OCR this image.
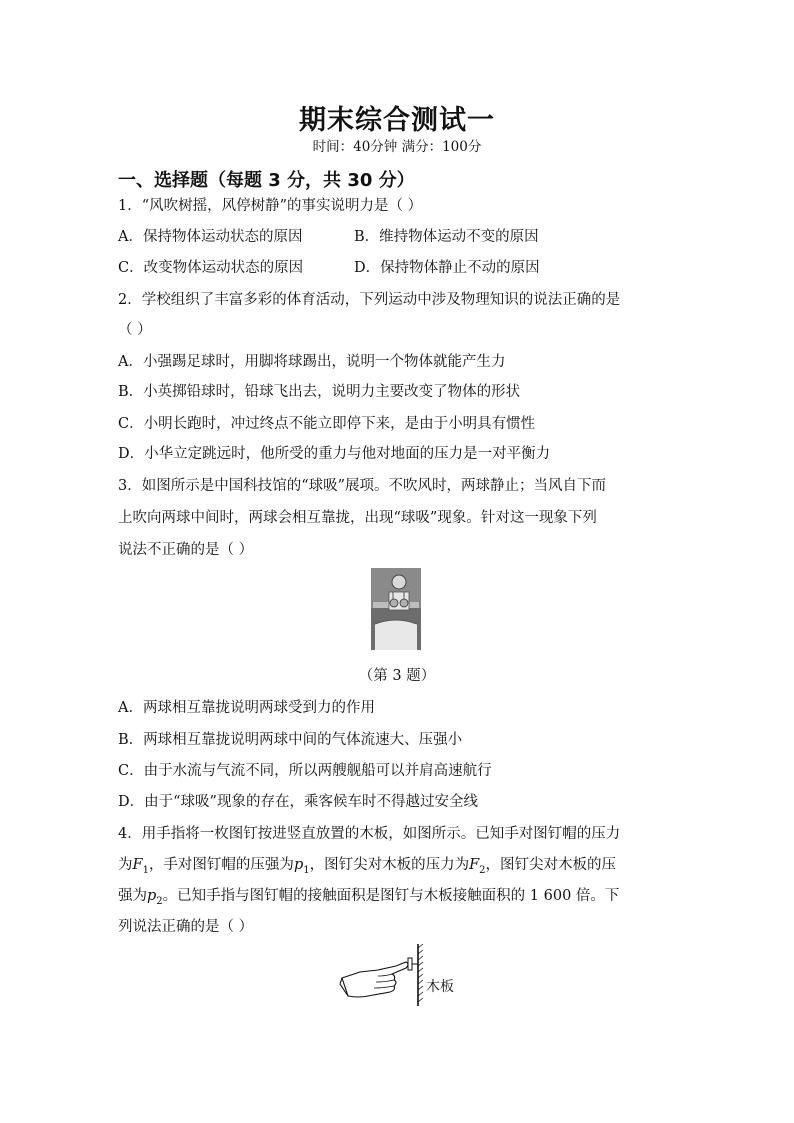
期末综合测试一
时间：40分钟 满分：100分
一、选择题（每题 3 分，共 30 分）
1．“风吹树摇，风停树静”的事实说明力是（ ）
A．保持物体运动状态的原因	B．维持物体运动不变的原因
C．改变物体运动状态的原因	D．保持物体静止不动的原因
2．学校组织了丰富多彩的体育活动，下列运动中涉及物理知识的说法正确的是
（ ）
A．小强踢足球时，用脚将球踢出，说明一个物体就能产生力
B．小英掷铅球时，铅球飞出去，说明力主要改变了物体的形状
C．小明长跑时，冲过终点不能立即停下来，是由于小明具有惯性
D．小华立定跳远时，他所受的重力与他对地面的压力是一对平衡力
3．如图所示是中国科技馆的“球吸”展项。不吹风时，两球静止；当风自下而
上吹向两球中间时，两球会相互靠拢，出现“球吸”现象。针对这一现象下列
说法不正确的是（ ）
（第 3 题）
A．两球相互靠拢说明两球受到力的作用
B．两球相互靠拢说明两球中间的气体流速大、压强小
C．由于水流与气流不同，所以两艘舰船可以并肩高速航行
D．由于“球吸”现象的存在，乘客候车时不得越过安全线
4．用手指将一枚图钉按进竖直放置的木板，如图所示。已知手对图钉帽的压力
为$F_1$，手对图钉帽的压强为$p_1$，图钉尖对木板的压力为$F_2$，图钉尖对木板的压
强为$p_2$。已知手指与图钉帽的接触面积是图钉与木板接触面积的 1 600 倍。下
列说法正确的是（ ）
木板
